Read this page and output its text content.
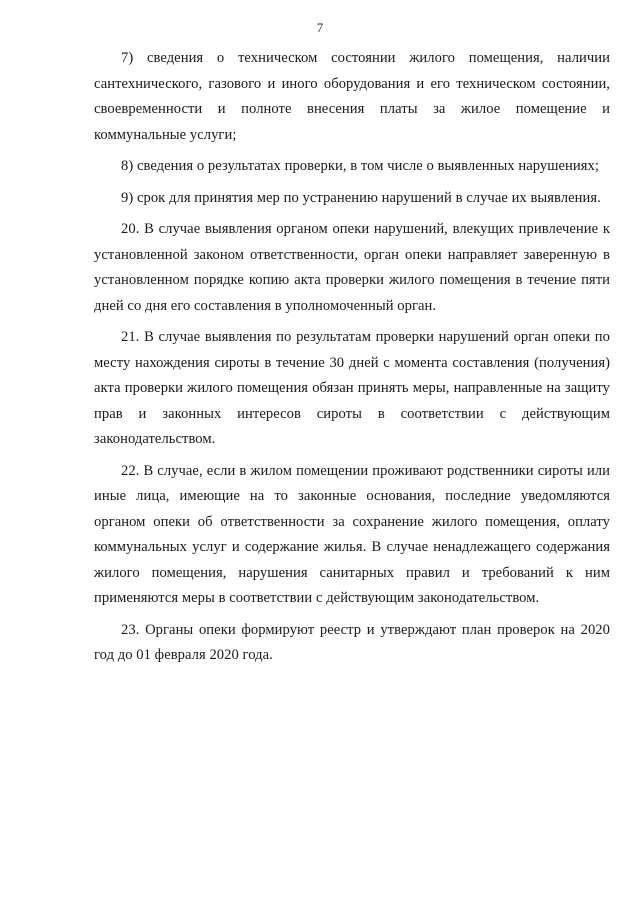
7

7) сведения о техническом состоянии жилого помещения, наличии сантехнического, газового и иного оборудования и его техническом состоянии, своевременности и полноте внесения платы за жилое помещение и коммунальные услуги;

8) сведения о результатах проверки, в том числе о выявленных нарушениях;

9) срок для принятия мер по устранению нарушений в случае их выявления.

20. В случае выявления органом опеки нарушений, влекущих привлечение к установленной законом ответственности, орган опеки направляет заверенную в установленном порядке копию акта проверки жилого помещения в течение пяти дней со дня его составления в уполномоченный орган.

21. В случае выявления по результатам проверки нарушений орган опеки по месту нахождения сироты в течение 30 дней с момента составления (получения) акта проверки жилого помещения обязан принять меры, направленные на защиту прав и законных интересов сироты в соответствии с действующим законодательством.

22. В случае, если в жилом помещении проживают родственники сироты или иные лица, имеющие на то законные основания, последние уведомляются органом опеки об ответственности за сохранение жилого помещения, оплату коммунальных услуг и содержание жилья. В случае ненадлежащего содержания жилого помещения, нарушения санитарных правил и требований к ним применяются меры в соответствии с действующим законодательством.

23. Органы опеки формируют реестр и утверждают план проверок на 2020 год до 01 февраля 2020 года.
